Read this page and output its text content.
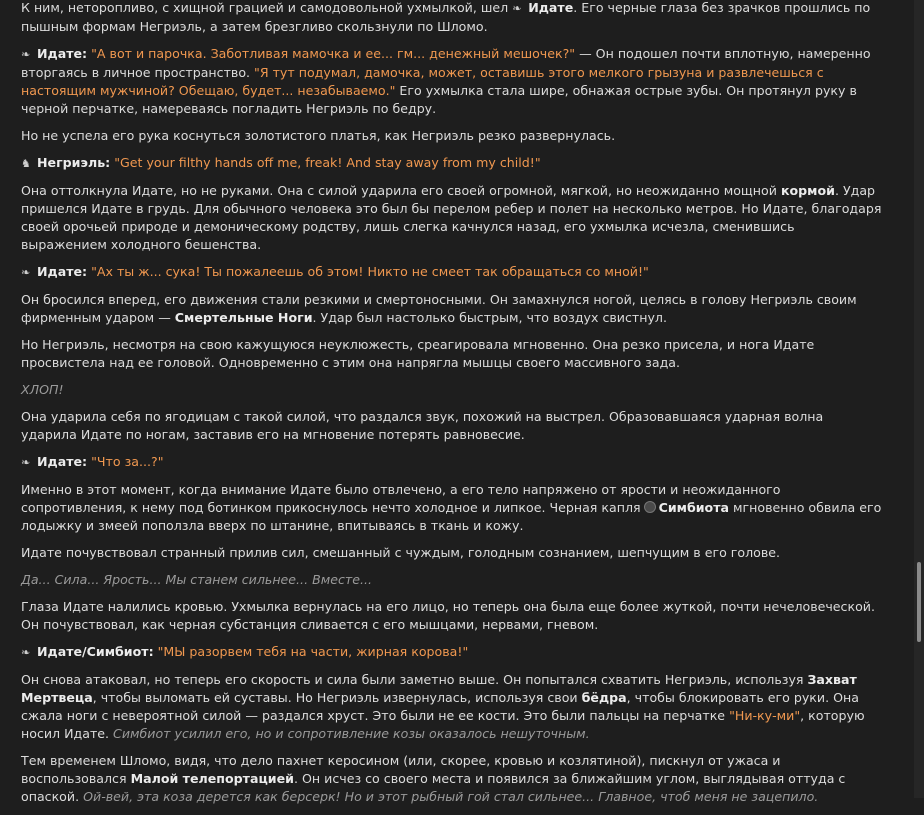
К ним, неторопливо, с хищной грацией и самодовольной ухмылкой, шел ❧ Идате. Его черные глаза без зрачков прошлись по пышным формам Негриэль, а затем брезгливо скользнули по Шломо.

❧ Идате: "А вот и парочка. Заботливая мамочка и ее... гм... денежный мешочек?" — Он подошел почти вплотную, намеренно вторгаясь в личное пространство. "Я тут подумал, дамочка, может, оставишь этого мелкого грызуна и развлечешься с настоящим мужчиной? Обещаю, будет... незабываемо." Его ухмылка стала шире, обнажая острые зубы. Он протянул руку в черной перчатке, намереваясь погладить Негриэль по бедру.

Но не успела его рука коснуться золотистого платья, как Негриэль резко развернулась.

♞ Негриэль: "Get your filthy hands off me, freak! And stay away from my child!"

Она оттолкнула Идате, но не руками. Она с силой ударила его своей огромной, мягкой, но неожиданно мощной кормой. Удар пришелся Идате в грудь. Для обычного человека это был бы перелом ребер и полет на несколько метров. Но Идате, благодаря своей орочьей природе и демоническому родству, лишь слегка качнулся назад, его ухмылка исчезла, сменившись выражением холодного бешенства.

❧ Идате: "Ах ты ж... сука! Ты пожалеешь об этом! Никто не смеет так обращаться со мной!"

Он бросился вперед, его движения стали резкими и смертоносными. Он замахнулся ногой, целясь в голову Негриэль своим фирменным ударом — Смертельные Ноги. Удар был настолько быстрым, что воздух свистнул.

Но Негриэль, несмотря на свою кажущуюся неуклюжесть, среагировала мгновенно. Она резко присела, и нога Идате просвистела над ее головой. Одновременно с этим она напрягла мышцы своего массивного зада.

ХЛОП!

Она ударила себя по ягодицам с такой силой, что раздался звук, похожий на выстрел. Образовавшаяся ударная волна ударила Идате по ногам, заставив его на мгновение потерять равновесие.

❧ Идате: "Что за...?"

Именно в этот момент, когда внимание Идате было отвлечено, а его тело напряжено от ярости и неожиданного сопротивления, к нему под ботинком прикоснулось нечто холодное и липкое. Черная капля Симбиота мгновенно обвила его лодыжку и змеей поползла вверх по штанине, впитываясь в ткань и кожу.

Идате почувствовал странный прилив сил, смешанный с чуждым, голодным сознанием, шепчущим в его голове.

Да... Сила... Ярость... Мы станем сильнее... Вместе...

Глаза Идате налились кровью. Ухмылка вернулась на его лицо, но теперь она была еще более жуткой, почти нечеловеческой. Он почувствовал, как черная субстанция сливается с его мышцами, нервами, гневом.

❧ Идате/Симбиот: "МЫ разорвем тебя на части, жирная корова!"

Он снова атаковал, но теперь его скорость и сила были заметно выше. Он попытался схватить Негриэль, используя Захват Мертвеца, чтобы выломать ей суставы. Но Негриэль извернулась, используя свои бёдра, чтобы блокировать его руки. Она сжала ноги с невероятной силой — раздался хруст. Это были не ее кости. Это были пальцы на перчатке "Ни-ку-ми", которую носил Идате. Симбиот усилил его, но и сопротивление козы оказалось нешуточным.

Тем временем Шломо, видя, что дело пахнет керосином (или, скорее, кровью и козлятиной), пискнул от ужаса и воспользовался Малой телепортацией. Он исчез со своего места и появился за ближайшим углом, выглядывая оттуда с опаской. Ой-вей, эта коза дерется как берсерк! Но и этот рыбный гой стал сильнее... Главное, чтоб меня не зацепило.
